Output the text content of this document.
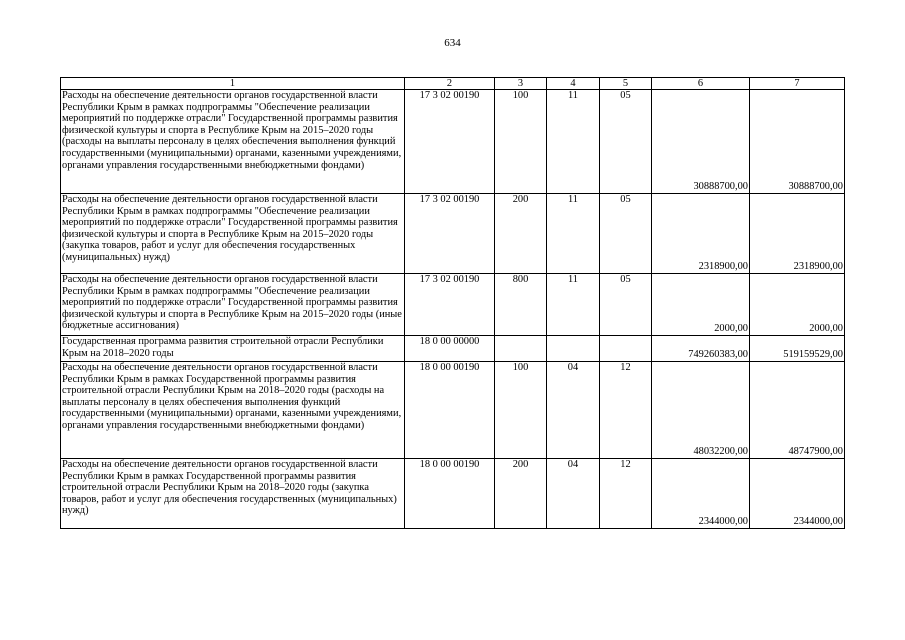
634
1	2	3	4	5	6	7
Расходы на обеспечение деятельности органов государственной власти Республики Крым в рамках подпрограммы "Обеспечение реализации мероприятий по поддержке отрасли" Государственной программы развития физической культуры и спорта в Республике Крым на 2015–2020 годы (расходы на выплаты персоналу в целях обеспечения выполнения функций государственными (муниципальными) органами, казенными учреждениями, органами управления государственными внебюджетными фондами)	17 3 02 00190	100	11	05	30888700,00	30888700,00
Расходы на обеспечение деятельности органов государственной власти Республики Крым в рамках подпрограммы "Обеспечение реализации мероприятий по поддержке отрасли" Государственной программы развития физической культуры и спорта в Республике Крым на 2015–2020 годы (закупка товаров, работ и услуг для обеспечения государственных (муниципальных) нужд)	17 3 02 00190	200	11	05	2318900,00	2318900,00
Расходы на обеспечение деятельности органов государственной власти Республики Крым в рамках подпрограммы "Обеспечение реализации мероприятий по поддержке отрасли" Государственной программы развития физической культуры и спорта в Республике Крым на 2015–2020 годы (иные бюджетные ассигнования)	17 3 02 00190	800	11	05	2000,00	2000,00
Государственная программа развития строительной отрасли Республики Крым на 2018–2020 годы	18 0 00 00000				749260383,00	519159529,00
Расходы на обеспечение деятельности органов государственной власти Республики Крым в рамках Государственной программы развития строительной отрасли Республики Крым на 2018–2020 годы (расходы на выплаты персоналу в целях обеспечения выполнения функций государственными (муниципальными) органами, казенными учреждениями, органами управления государственными внебюджетными фондами)	18 0 00 00190	100	04	12	48032200,00	48747900,00
Расходы на обеспечение деятельности органов государственной власти Республики Крым в рамках Государственной программы развития строительной отрасли Республики Крым на 2018–2020 годы (закупка товаров, работ и услуг для обеспечения государственных (муниципальных) нужд)	18 0 00 00190	200	04	12	2344000,00	2344000,00
